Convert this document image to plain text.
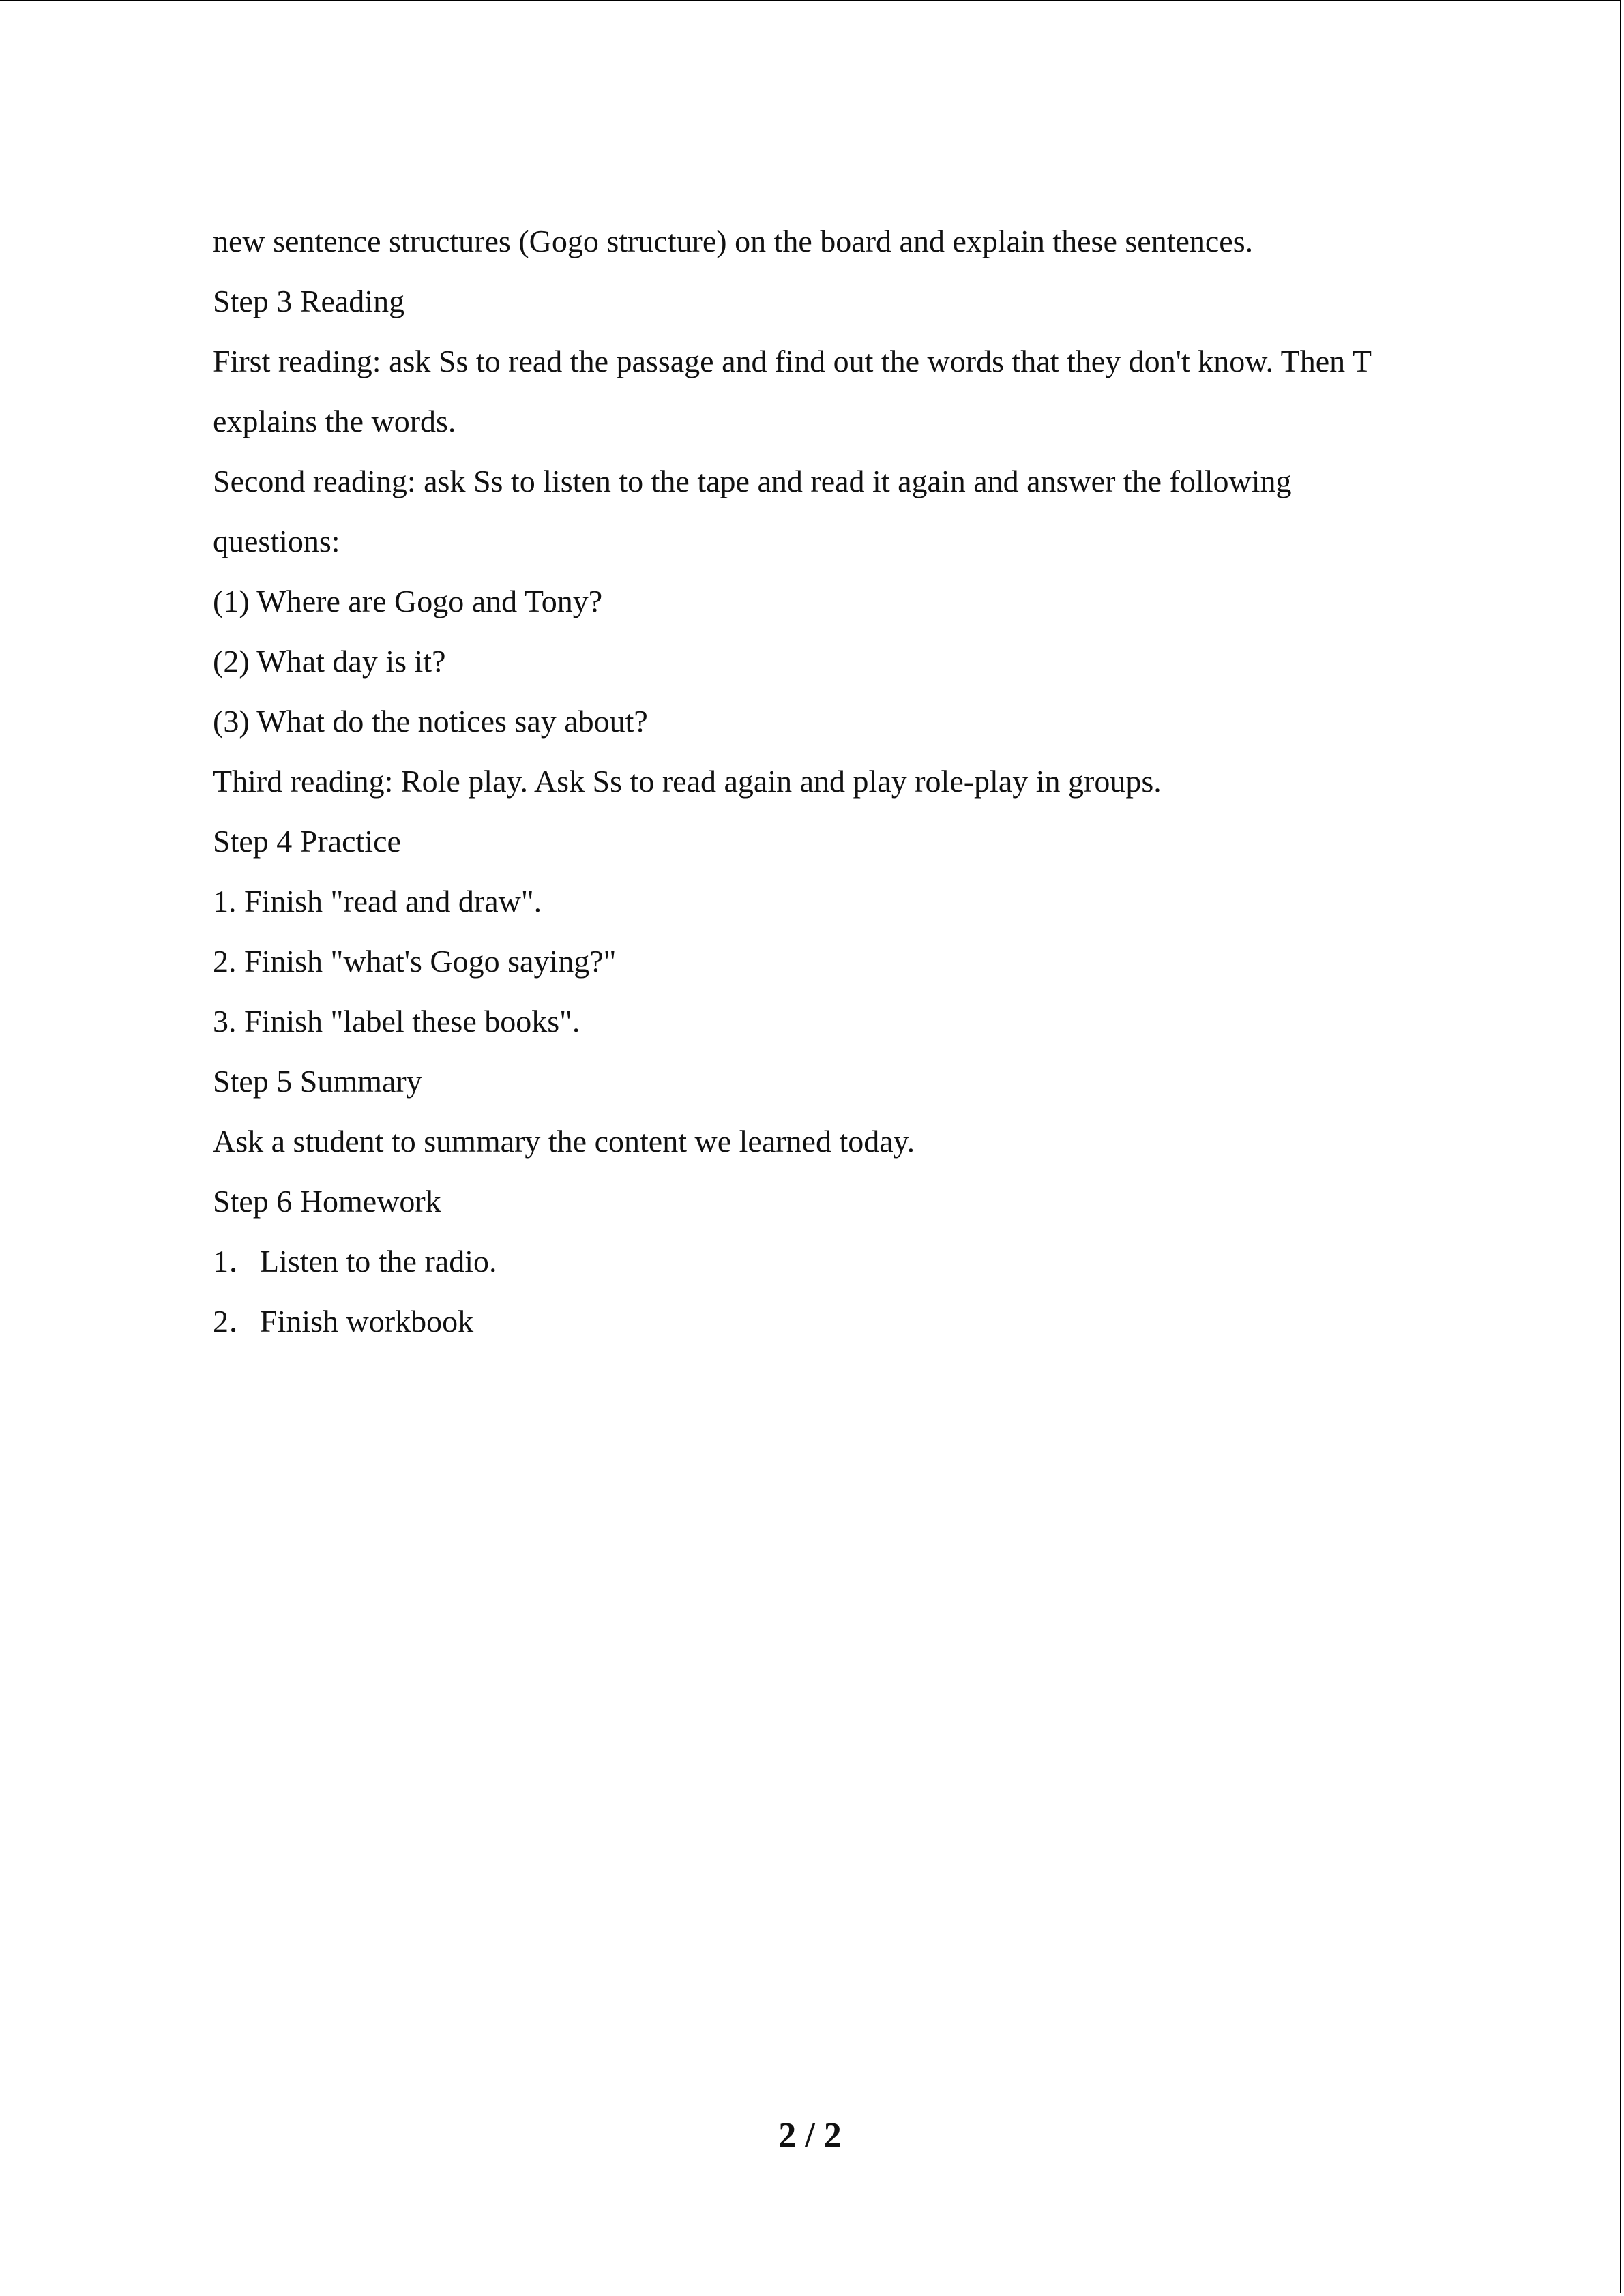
new sentence structures (Gogo structure) on the board and explain these sentences.
Step 3 Reading
First reading: ask Ss to read the passage and find out the words that they don't know. Then T
explains the words.
Second reading: ask Ss to listen to the tape and read it again and answer the following
questions:
(1) Where are Gogo and Tony?
(2) What day is it?
(3) What do the notices say about?
Third reading: Role play. Ask Ss to read again and play role-play in groups.
Step 4 Practice
1. Finish "read and draw".
2. Finish "what's Gogo saying?"
3. Finish "label these books".
Step 5 Summary
Ask a student to summary the content we learned today.
Step 6 Homework
1．Listen to the radio.
2．Finish workbook
2 / 2
